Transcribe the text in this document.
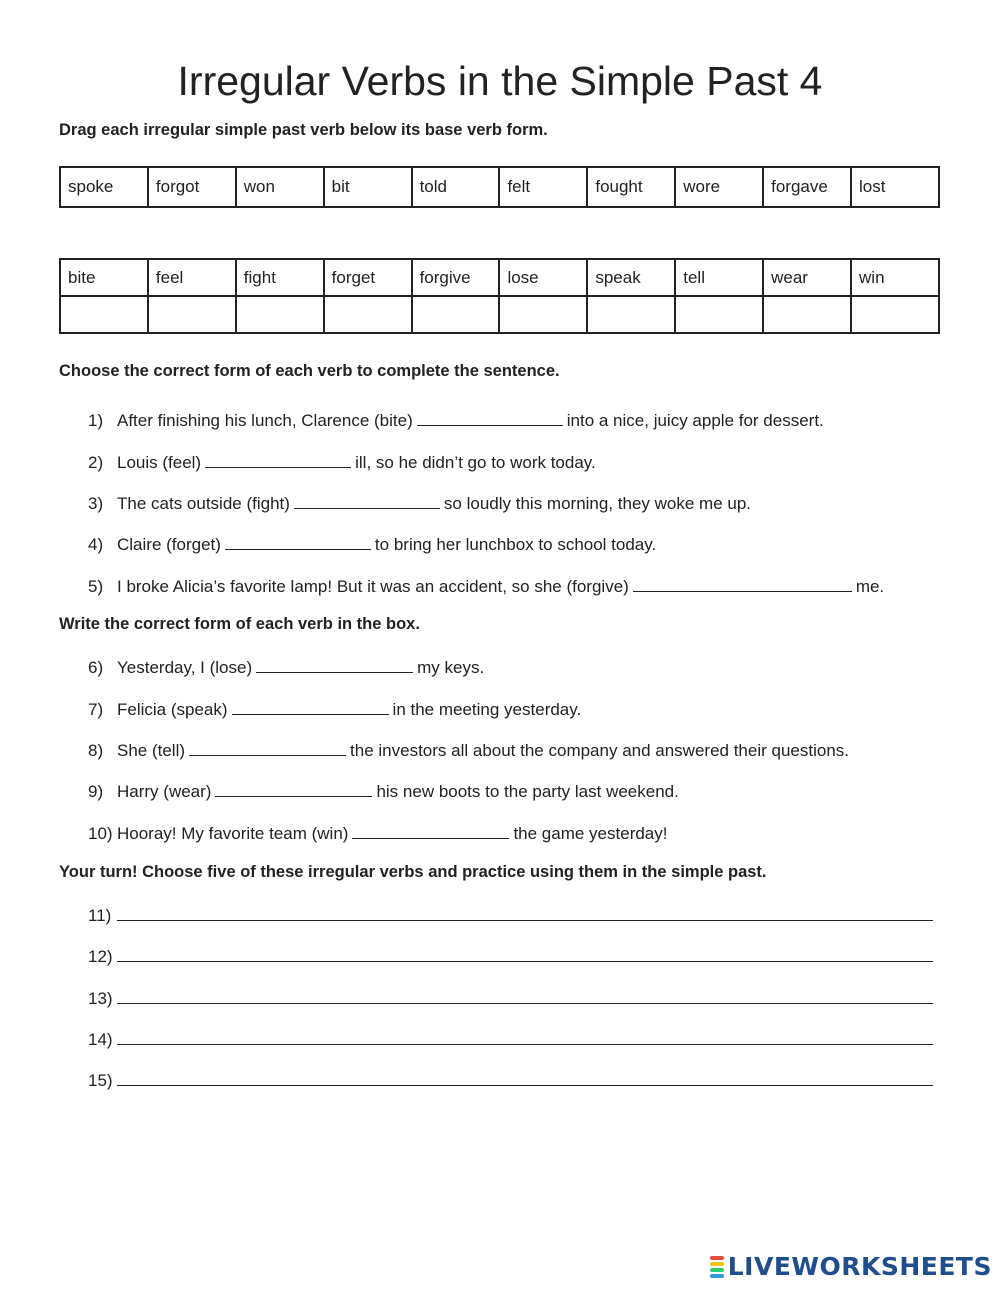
Irregular Verbs in the Simple Past 4
Drag each irregular simple past verb below its base verb form.
spoke	forgot	won	bit	told	felt	fought	wore	forgave	lost
bite	feel	fight	forget	forgive	lose	speak	tell	wear	win

Choose the correct form of each verb to complete the sentence.
1) After finishing his lunch, Clarence (bite)	into a nice, juicy apple for dessert.
2) Louis (feel)	ill, so he didn’t go to work today.
3) The cats outside (fight)	so loudly this morning, they woke me up.
4) Claire (forget)	to bring her lunchbox to school today.
5) I broke Alicia’s favorite lamp! But it was an accident, so she (forgive)	me.
Write the correct form of each verb in the box.
6) Yesterday, I (lose)	my keys.
7) Felicia (speak)	in the meeting yesterday.
8) She (tell)	the investors all about the company and answered their questions.
9) Harry (wear)	his new boots to the party last weekend.
10) Hooray! My favorite team (win)	the game yesterday!
Your turn! Choose five of these irregular verbs and practice using them in the simple past.
11)
12)
13)
14)
15)
LIVEWORKSHEETS
